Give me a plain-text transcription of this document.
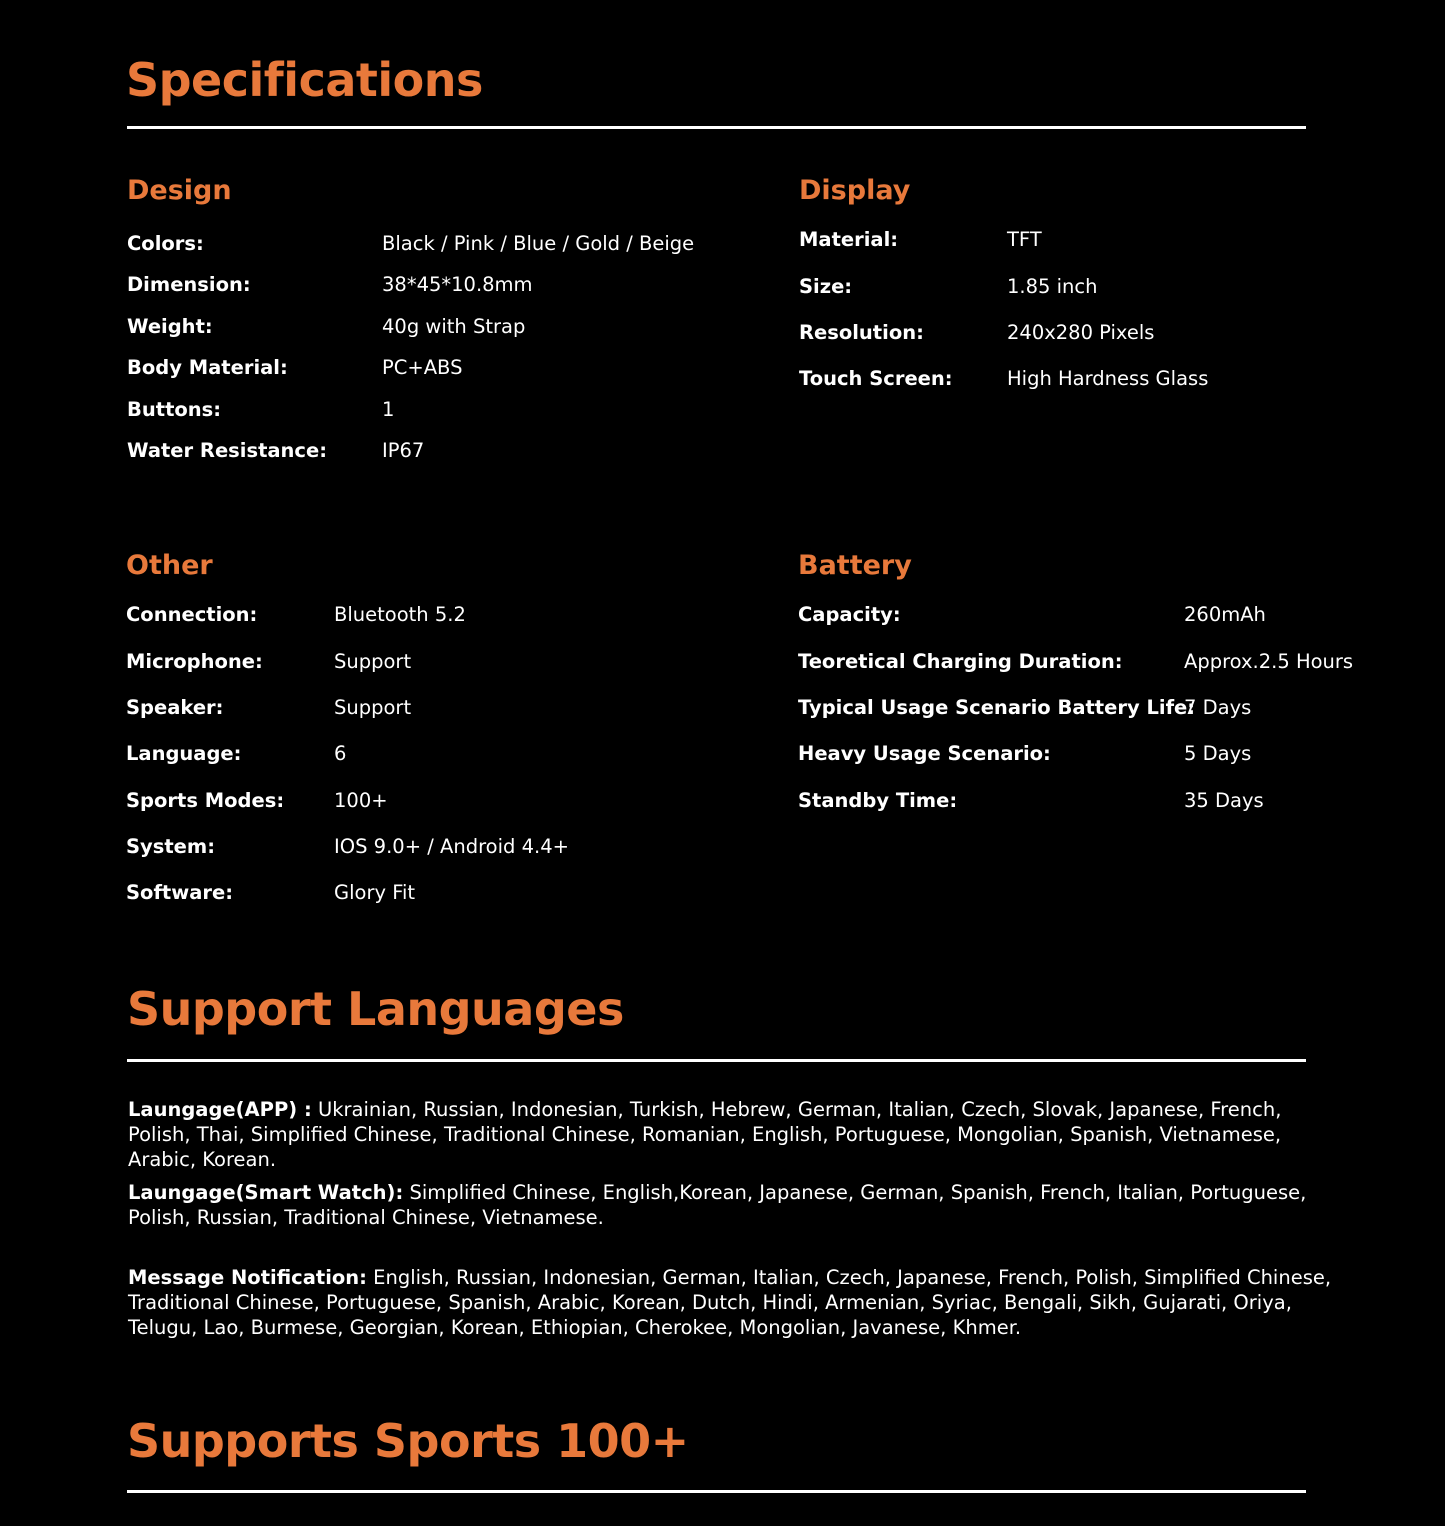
Specifications
Design
Colors:	Black / Pink / Blue / Gold / Beige
Dimension:	38*45*10.8mm
Weight:	40g with Strap
Body Material:	PC+ABS
Buttons:	1
Water Resistance:	IP67
Display
Material:	TFT
Size:	1.85 inch
Resolution:	240x280 Pixels
Touch Screen:	High Hardness Glass
Other
Connection:	Bluetooth 5.2
Microphone:	Support
Speaker:	Support
Language:	6
Sports Modes:	100+
System:	IOS 9.0+ / Android 4.4+
Software:	Glory Fit
Battery
Capacity:	260mAh
Teoretical Charging Duration:	Approx.2.5 Hours
Typical Usage Scenario Battery Life:
7 Days
Heavy Usage Scenario:	5 Days
Standby Time:	35 Days
Support Languages

Laungage(APP) : Ukrainian, Russian, Indonesian, Turkish, Hebrew, German, Italian, Czech, Slovak, Japanese, French, Polish, Thai, Simplified Chinese, Traditional Chinese, Romanian, English, Portuguese, Mongolian, Spanish, Vietnamese, Arabic, Korean.

Laungage(Smart Watch): Simplified Chinese, English,Korean, Japanese, German, Spanish, French, Italian, Portuguese, Polish, Russian, Traditional Chinese, Vietnamese.

Message Notification: English, Russian, Indonesian, German, Italian, Czech, Japanese, French, Polish, Simplified Chinese, Traditional Chinese, Portuguese, Spanish, Arabic, Korean, Dutch, Hindi, Armenian, Syriac, Bengali, Sikh, Gujarati, Oriya, Telugu, Lao, Burmese, Georgian, Korean, Ethiopian, Cherokee, Mongolian, Javanese, Khmer.

Supports Sports 100+
